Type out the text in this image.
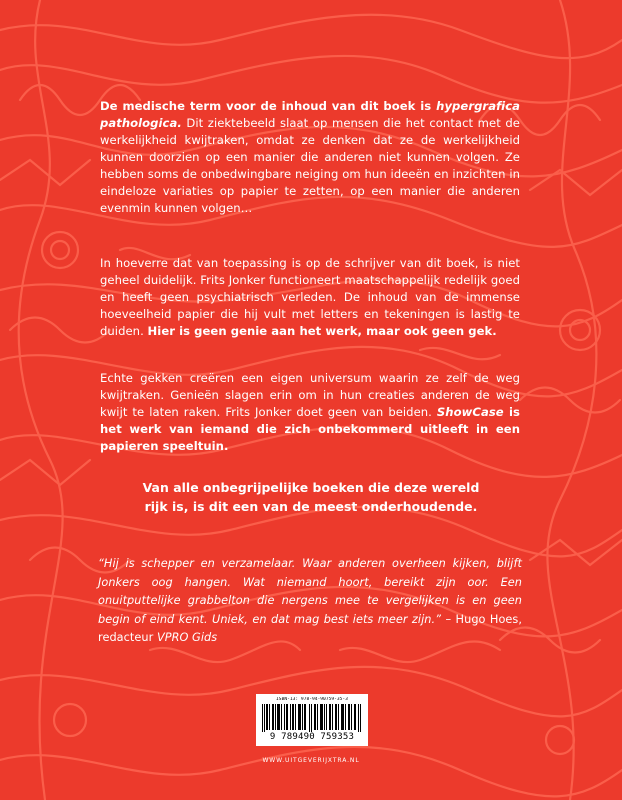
De medische term voor de inhoud van dit boek is hypergrafica pathologica. Dit ziektebeeld slaat op mensen die het contact met de werkelijkheid kwijtraken, omdat ze denken dat ze de werkelijkheid kunnen doorzien op een manier die anderen niet kunnen volgen. Ze hebben soms de onbedwingbare neiging om hun ideeën en inzichten in eindeloze variaties op papier te zetten, op een manier die anderen evenmin kunnen volgen…
In hoeverre dat van toepassing is op de schrijver van dit boek, is niet geheel duidelijk. Frits Jonker functioneert maatschappelijk redelijk goed en heeft geen psychiatrisch verleden. De inhoud van de immense hoeveelheid papier die hij vult met letters en tekeningen is lastig te duiden. Hier is geen genie aan het werk, maar ook geen gek.
Echte gekken creëren een eigen universum waarin ze zelf de weg kwijtraken. Genieën slagen erin om in hun creaties anderen de weg kwijt te laten raken. Frits Jonker doet geen van beiden. ShowCase is het werk van iemand die zich onbekommerd uitleeft in een papieren speeltuin.
Van alle onbegrijpelijke boeken die deze wereld rijk is, is dit een van de meest onderhoudende.
“Hij is schepper en verzamelaar. Waar anderen overheen kijken, blijft Jonkers oog hangen. Wat niemand hoort, bereikt zijn oor. Een onuitputtelijke grabbelton die nergens mee te vergelijken is en geen begin of eind kent. Uniek, en dat mag best iets meer zijn.” – Hugo Hoes, redacteur VPRO Gids
ISBN-13: 978-94-90759-35-3
9 789490 759353
WWW.UITGEVERIJXTRA.NL
